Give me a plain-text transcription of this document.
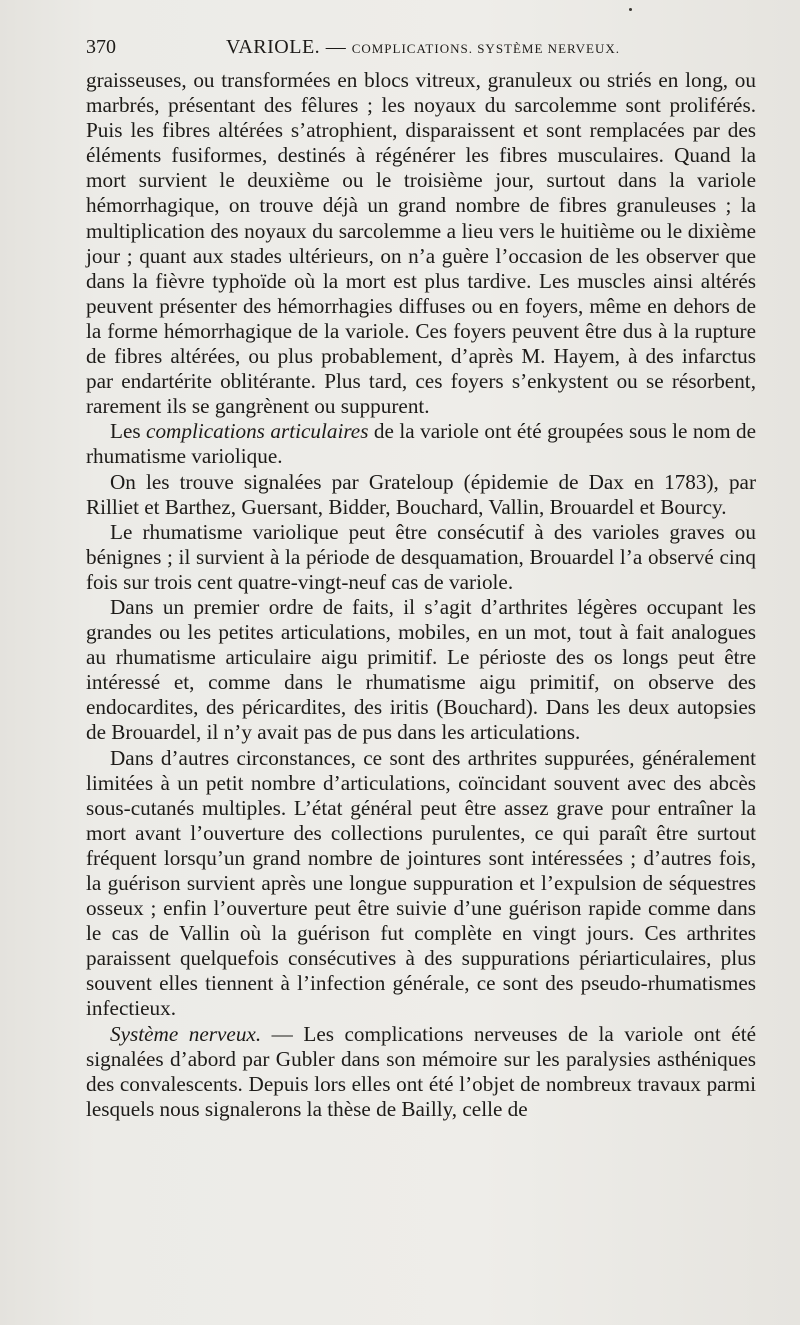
370	VARIOLE. — COMPLICATIONS. SYSTÈME NERVEUX.

graisseuses, ou transformées en blocs vitreux, granuleux ou striés en long, ou marbrés, présentant des fêlures ; les noyaux du sarcolemme sont proliférés. Puis les fibres altérées s’atrophient, disparaissent et sont remplacées par des éléments fusiformes, destinés à régénérer les fibres musculaires. Quand la mort survient le deuxième ou le troisième jour, surtout dans la variole hémorrhagique, on trouve déjà un grand nombre de fibres granuleuses ; la multiplication des noyaux du sarcolemme a lieu vers le huitième ou le dixième jour ; quant aux stades ultérieurs, on n’a guère l’occasion de les observer que dans la fièvre typhoïde où la mort est plus tardive. Les muscles ainsi altérés peuvent présenter des hémorrhagies diffuses ou en foyers, même en dehors de la forme hémorrhagique de la variole. Ces foyers peuvent être dus à la rupture de fibres altérées, ou plus probablement, d’après M. Hayem, à des infarctus par endartérite oblitérante. Plus tard, ces foyers s’enkystent ou se résorbent, rarement ils se gangrènent ou suppurent.

Les complications articulaires de la variole ont été groupées sous le nom de rhumatisme variolique.

On les trouve signalées par Grateloup (épidemie de Dax en 1783), par Rilliet et Barthez, Guersant, Bidder, Bouchard, Vallin, Brouardel et Bourcy.

Le rhumatisme variolique peut être consécutif à des varioles graves ou bénignes ; il survient à la période de desquamation, Brouardel l’a observé cinq fois sur trois cent quatre-vingt-neuf cas de variole.

Dans un premier ordre de faits, il s’agit d’arthrites légères occupant les grandes ou les petites articulations, mobiles, en un mot, tout à fait analogues au rhumatisme articulaire aigu primitif. Le périoste des os longs peut être intéressé et, comme dans le rhumatisme aigu primitif, on observe des endocardites, des péricardites, des iritis (Bouchard). Dans les deux autopsies de Brouardel, il n’y avait pas de pus dans les articulations.

Dans d’autres circonstances, ce sont des arthrites suppurées, généralement limitées à un petit nombre d’articulations, coïncidant souvent avec des abcès sous-cutanés multiples. L’état général peut être assez grave pour entraîner la mort avant l’ouverture des collections purulentes, ce qui paraît être surtout fréquent lorsqu’un grand nombre de jointures sont intéressées ; d’autres fois, la guérison survient après une longue suppuration et l’expulsion de séquestres osseux ; enfin l’ouverture peut être suivie d’une guérison rapide comme dans le cas de Vallin où la guérison fut complète en vingt jours. Ces arthrites paraissent quelquefois consécutives à des suppurations périarticulaires, plus souvent elles tiennent à l’infection générale, ce sont des pseudo-rhumatismes infectieux.

Système nerveux. — Les complications nerveuses de la variole ont été signalées d’abord par Gubler dans son mémoire sur les paralysies asthéniques des convalescents. Depuis lors elles ont été l’objet de nombreux travaux parmi lesquels nous signalerons la thèse de Bailly, celle de
